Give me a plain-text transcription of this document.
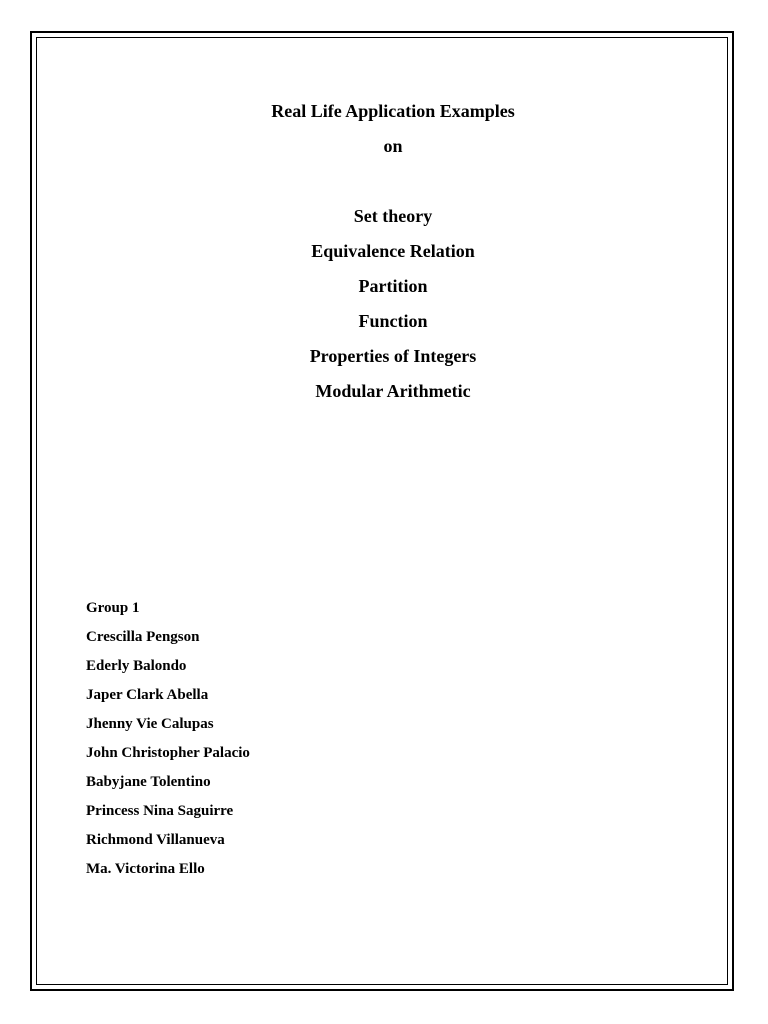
Real Life Application Examples

on

Set theory

Equivalence Relation

Partition

Function

Properties of Integers

Modular Arithmetic

Group 1

Crescilla Pengson

Ederly Balondo

Japer Clark Abella

Jhenny Vie Calupas

John Christopher Palacio

Babyjane Tolentino

Princess Nina Saguirre

Richmond Villanueva

Ma. Victorina Ello
